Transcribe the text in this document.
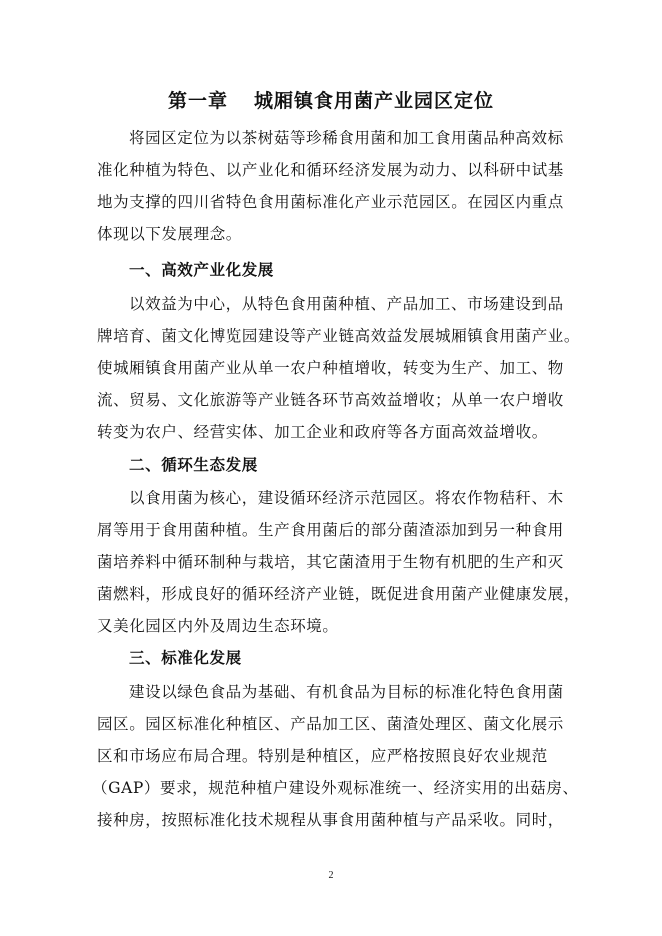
第一章 城厢镇食用菌产业园区定位
将园区定位为以茶树菇等珍稀食用菌和加工食用菌品种高效标
准化种植为特色、以产业化和循环经济发展为动力、以科研中试基
地为支撑的四川省特色食用菌标准化产业示范园区。在园区内重点
体现以下发展理念。
一、高效产业化发展
以效益为中心，从特色食用菌种植、产品加工、市场建设到品
牌培育、菌文化博览园建设等产业链高效益发展城厢镇食用菌产业。
使城厢镇食用菌产业从单一农户种植增收，转变为生产、加工、物
流、贸易、文化旅游等产业链各环节高效益增收；从单一农户增收
转变为农户、经营实体、加工企业和政府等各方面高效益增收。
二、循环生态发展
以食用菌为核心，建设循环经济示范园区。将农作物秸秆、木
屑等用于食用菌种植。生产食用菌后的部分菌渣添加到另一种食用
菌培养料中循环制种与栽培，其它菌渣用于生物有机肥的生产和灭
菌燃料，形成良好的循环经济产业链，既促进食用菌产业健康发展，
又美化园区内外及周边生态环境。
三、标准化发展
建设以绿色食品为基础、有机食品为目标的标准化特色食用菌
园区。园区标准化种植区、产品加工区、菌渣处理区、菌文化展示
区和市场应布局合理。特别是种植区，应严格按照良好农业规范
（GAP）要求，规范种植户建设外观标准统一、经济实用的出菇房、
接种房，按照标准化技术规程从事食用菌种植与产品采收。同时，
2
